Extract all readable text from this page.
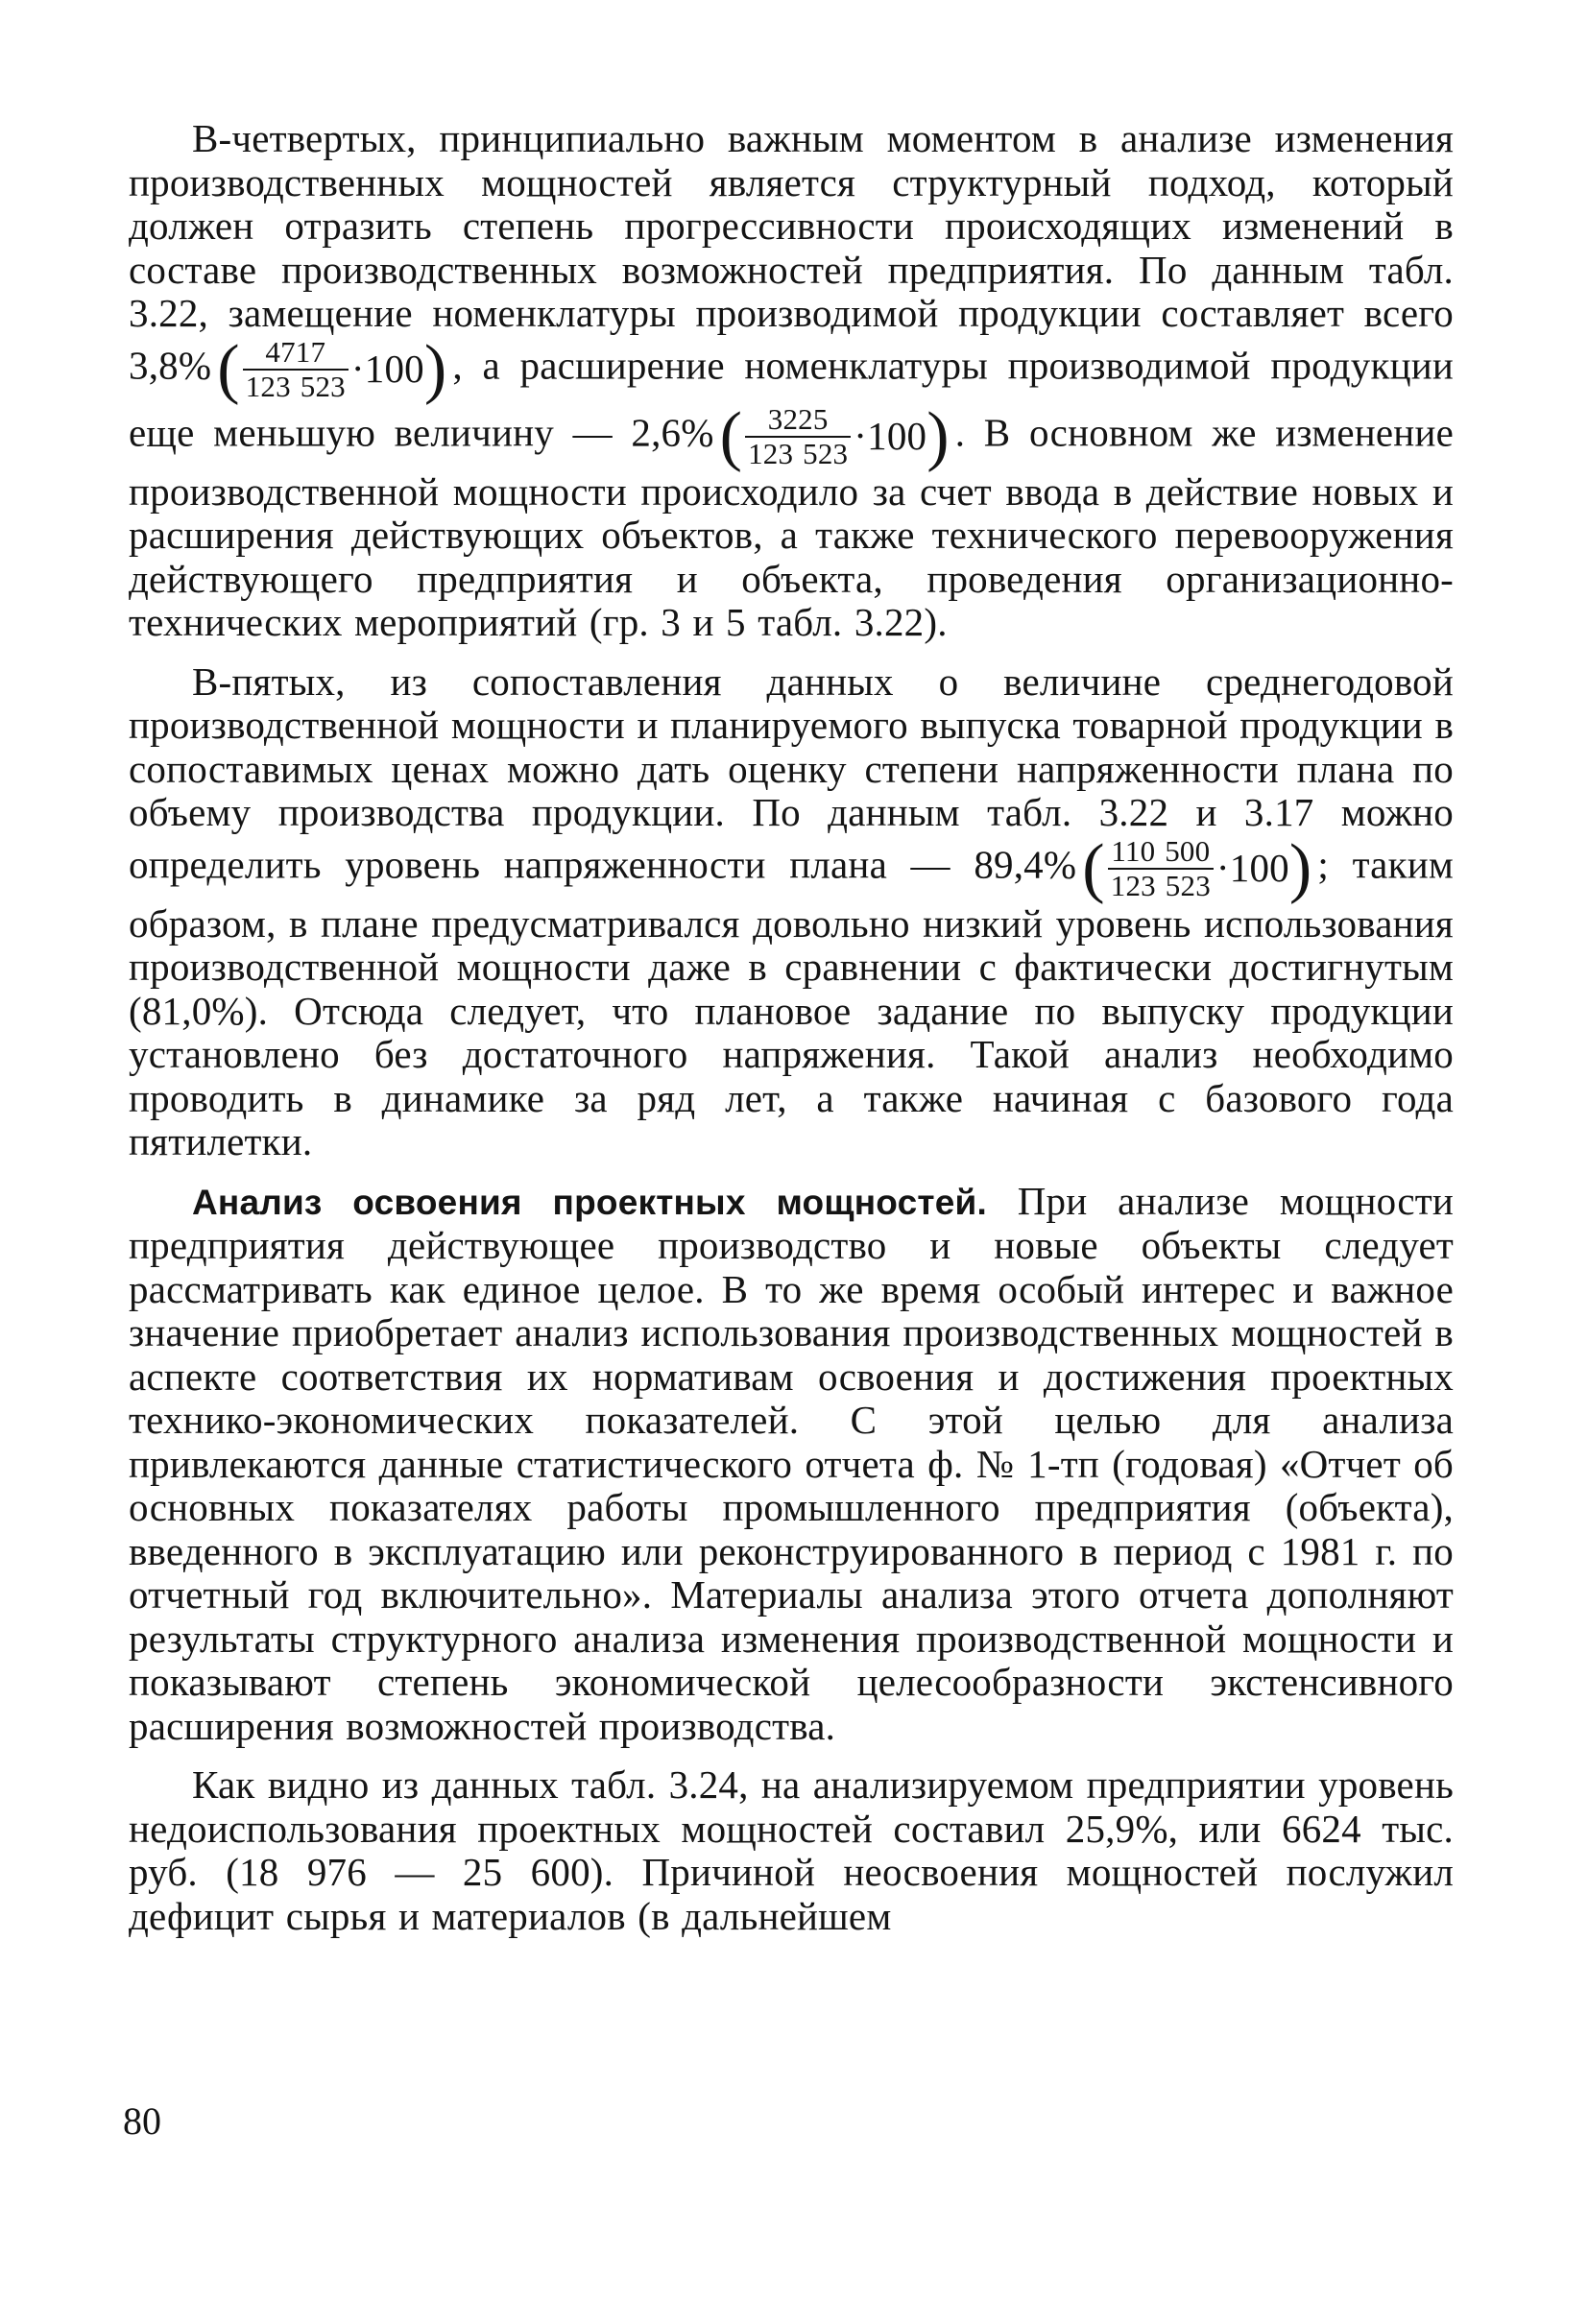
В-четвертых, принципиально важным моментом в анализе изменения производственных мощностей является структурный подход, который должен отразить степень прогрессивности происходящих изменений в составе производственных возможностей предприятия. По данным табл. 3.22, замещение номенклатуры производимой продукции составляет всего $3,8\%( \frac{4717}{123 523} \cdot 100)$ , а расширение номенклатуры производимой продукции еще меньшую величину — $2,6\%( \frac{3225}{123 523} \cdot 100)$ . В основном же изменение производственной мощности происходило за счет ввода в действие новых и расширения действующих объектов, а также технического перевооружения действующего предприятия и объекта, проведения организационно-технических мероприятий (гр. 3 и 5 табл. 3.22).

В-пятых, из сопоставления данных о величине среднегодовой производственной мощности и планируемого выпуска товарной продукции в сопоставимых ценах можно дать оценку степени напряженности плана по объему производства продукции. По данным табл. 3.22 и 3.17 можно определить уровень напряженности плана — $89,4\%( \frac{110 500}{123 523} \cdot 100)$ ; таким образом, в плане предусматривался довольно низкий уровень использования производственной мощности даже в сравнении с фактически достигнутым (81,0%). Отсюда следует, что плановое задание по выпуску продукции установлено без достаточного напряжения. Такой анализ необходимо проводить в динамике за ряд лет, а также начиная с базового года пятилетки.

Анализ освоения проектных мощностей. При анализе мощности предприятия действующее производство и новые объекты следует рассматривать как единое целое. В то же время особый интерес и важное значение приобретает анализ использования производственных мощностей в аспекте соответствия их нормативам освоения и достижения проектных технико-экономических показателей. С этой целью для анализа привлекаются данные статистического отчета ф. № 1-тп (годовая) «Отчет об основных показателях работы промышленного предприятия (объекта), введенного в эксплуатацию или реконструированного в период с 1981 г. по отчетный год включительно». Материалы анализа этого отчета дополняют результаты структурного анализа изменения производственной мощности и показывают степень экономической целесообразности экстенсивного расширения возможностей производства.

Как видно из данных табл. 3.24, на анализируемом предприятии уровень недоиспользования проектных мощностей составил 25,9%, или 6624 тыс. руб. (18 976 — 25 600). Причиной неосвоения мощностей послужил дефицит сырья и материалов (в дальнейшем

80
